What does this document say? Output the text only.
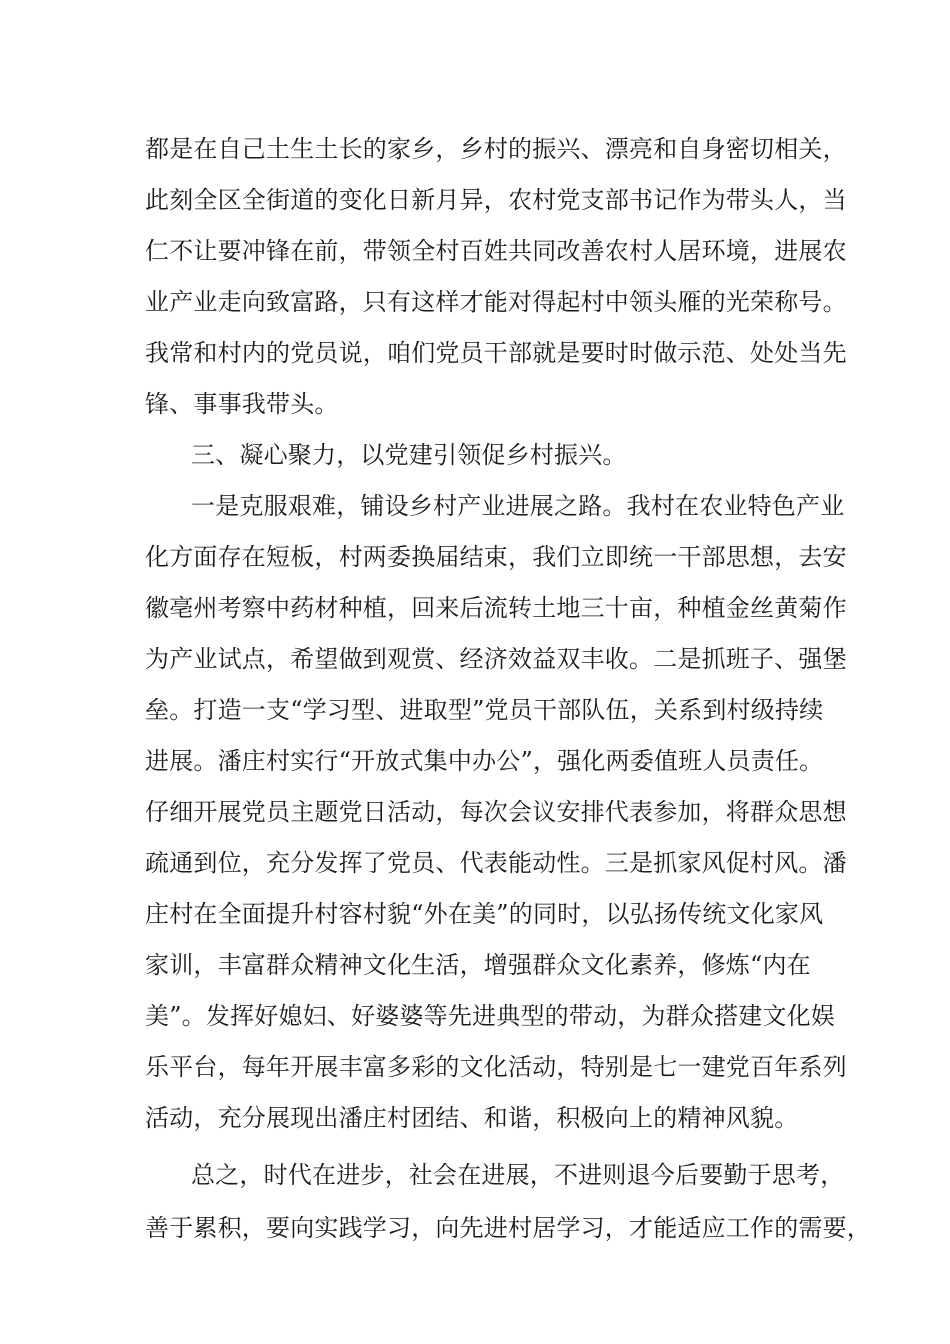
都是在自己土生土长的家乡，乡村的振兴、漂亮和自身密切相关，
此刻全区全街道的变化日新月异，农村党支部书记作为带头人，当
仁不让要冲锋在前，带领全村百姓共同改善农村人居环境，进展农
业产业走向致富路，只有这样才能对得起村中领头雁的光荣称号。
我常和村内的党员说，咱们党员干部就是要时时做示范、处处当先
锋、事事我带头。
三、凝心聚力，以党建引领促乡村振兴。
一是克服艰难，铺设乡村产业进展之路。我村在农业特色产业
化方面存在短板，村两委换届结束，我们立即统一干部思想，去安
徽亳州考察中药材种植，回来后流转土地三十亩，种植金丝黄菊作
为产业试点，希望做到观赏、经济效益双丰收。二是抓班子、强堡
垒。打造一支“学习型、进取型”党员干部队伍，关系到村级持续
进展。潘庄村实行“开放式集中办公”，强化两委值班人员责任。
仔细开展党员主题党日活动，每次会议安排代表参加，将群众思想
疏通到位，充分发挥了党员、代表能动性。三是抓家风促村风。潘
庄村在全面提升村容村貌“外在美”的同时，以弘扬传统文化家风
家训，丰富群众精神文化生活，增强群众文化素养，修炼“内在
美”。发挥好媳妇、好婆婆等先进典型的带动，为群众搭建文化娱
乐平台，每年开展丰富多彩的文化活动，特别是七一建党百年系列
活动，充分展现出潘庄村团结、和谐，积极向上的精神风貌。
总之，时代在进步，社会在进展，不进则退今后要勤于思考，
善于累积，要向实践学习，向先进村居学习，才能适应工作的需要，
